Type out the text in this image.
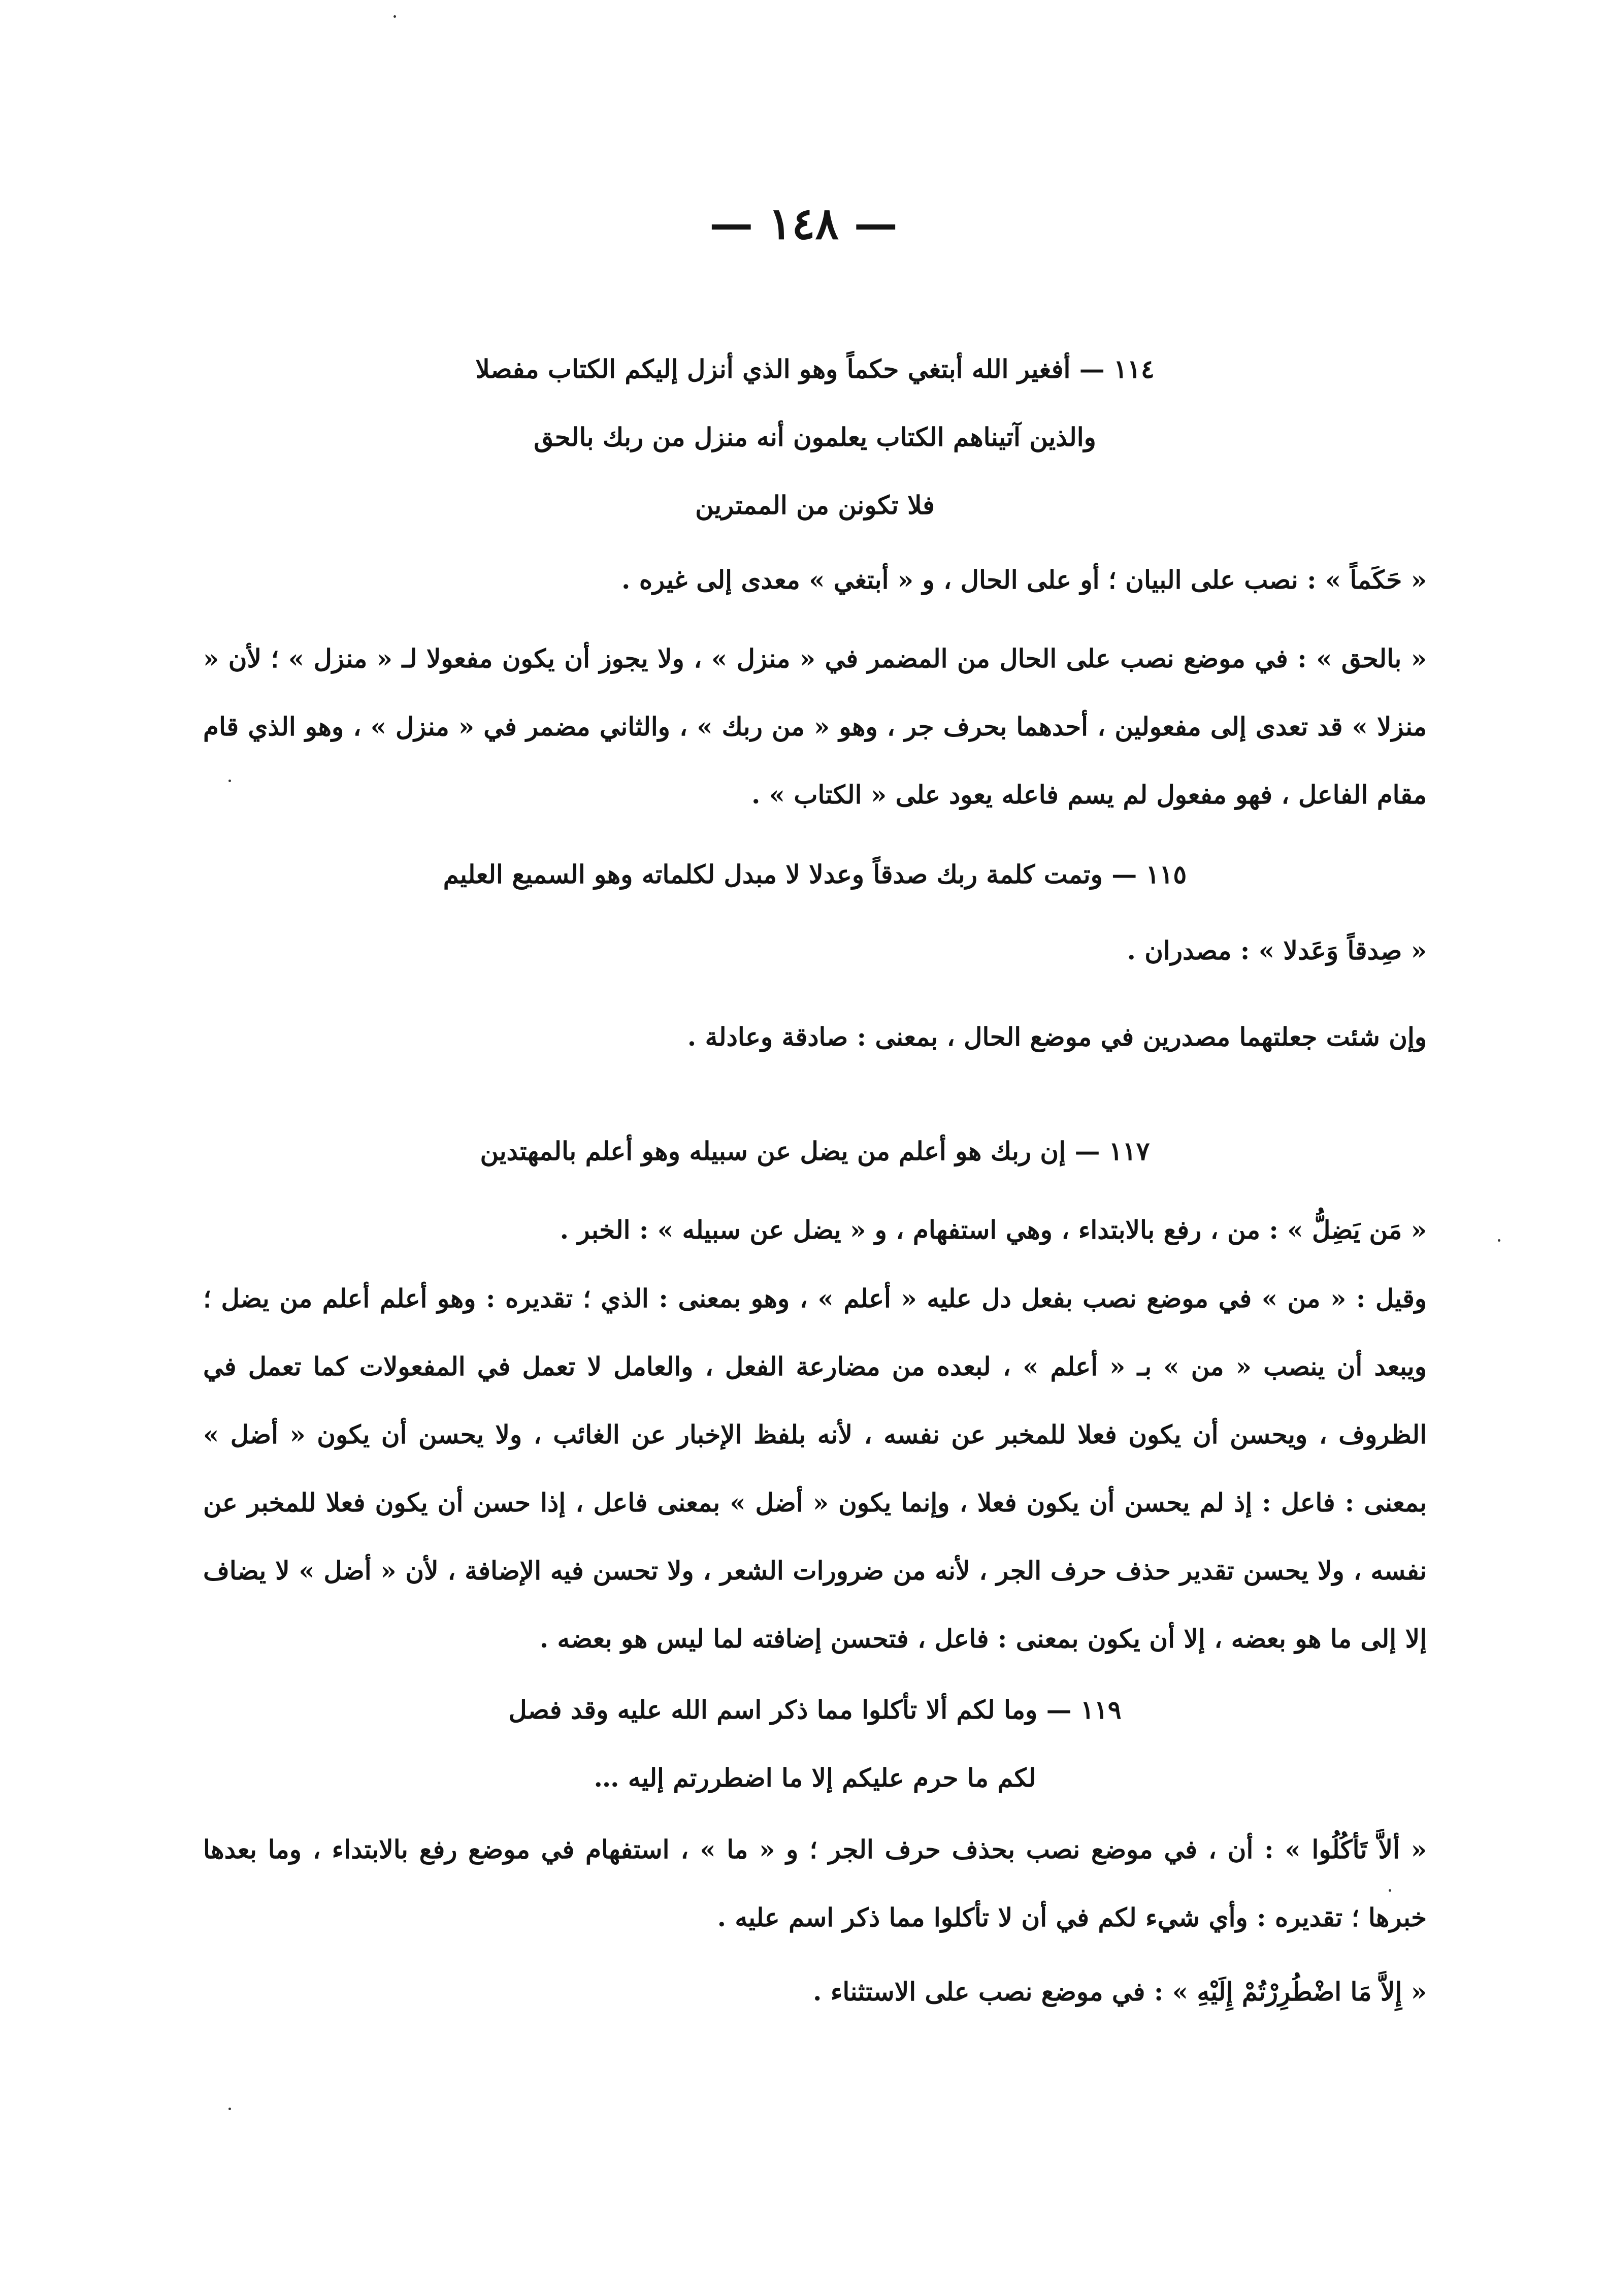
— ١٤٨ —

١١٤ — أفغير الله أبتغي حكماً وهو الذي أنزل إليكم الكتاب مفصلا

والذين آتيناهم الكتاب يعلمون أنه منزل من ربك بالحق

فلا تكونن من الممترين

« حَكَماً » : نصب على البيان ؛ أو على الحال ، و « أبتغي » معدى إلى غيره .
« بالحق » : في موضع نصب على الحال من المضمر في « منزل » ، ولا يجوز أن يكون مفعولا لـ « منزل » ؛ لأن « منزلا » قد تعدى إلى مفعولين ، أحدهما بحرف جر ، وهو « من ربك » ، والثاني مضمر في « منزل » ، وهو الذي قام مقام الفاعل ، فهو مفعول لم يسم فاعله يعود على « الكتاب » .

١١٥ — وتمت كلمة ربك صدقاً وعدلا لا مبدل لكلماته وهو السميع العليم

« صِدقاً وَعَدلا » : مصدران .
وإن شئت جعلتهما مصدرين في موضع الحال ، بمعنى : صادقة وعادلة .

١١٧ — إن ربك هو أعلم من يضل عن سبيله وهو أعلم بالمهتدين

« مَن يَضِلُّ » : من ، رفع بالابتداء ، وهي استفهام ، و « يضل عن سبيله » : الخبر .
وقيل : « من » في موضع نصب بفعل دل عليه « أعلم » ، وهو بمعنى : الذي ؛ تقديره : وهو أعلم أعلم من يضل ؛ ويبعد أن ينصب « من » بـ « أعلم » ، لبعده من مضارعة الفعل ، والعامل لا تعمل في المفعولات كما تعمل في الظروف ، ويحسن أن يكون فعلا للمخبر عن نفسه ، لأنه بلفظ الإخبار عن الغائب ، ولا يحسن أن يكون « أضل » بمعنى : فاعل : إذ لم يحسن أن يكون فعلا ، وإنما يكون « أضل » بمعنى فاعل ، إذا حسن أن يكون فعلا للمخبر عن نفسه ، ولا يحسن تقدير حذف حرف الجر ، لأنه من ضرورات الشعر ، ولا تحسن فيه الإضافة ، لأن « أضل » لا يضاف إلا إلى ما هو بعضه ، إلا أن يكون بمعنى : فاعل ، فتحسن إضافته لما ليس هو بعضه .

١١٩ — وما لكم ألا تأكلوا مما ذكر اسم الله عليه وقد فصل

لكم ما حرم عليكم إلا ما اضطررتم إليه …

« ألاَّ تَأكُلُوا » : أن ، في موضع نصب بحذف حرف الجر ؛ و « ما » ، استفهام في موضع رفع بالابتداء ، وما بعدها خبرها ؛ تقديره : وأي شيء لكم في أن لا تأكلوا مما ذكر اسم عليه .
« إِلاَّ مَا اضْطُرِرْتُمْ إِلَيْهِ » : في موضع نصب على الاستثناء .
